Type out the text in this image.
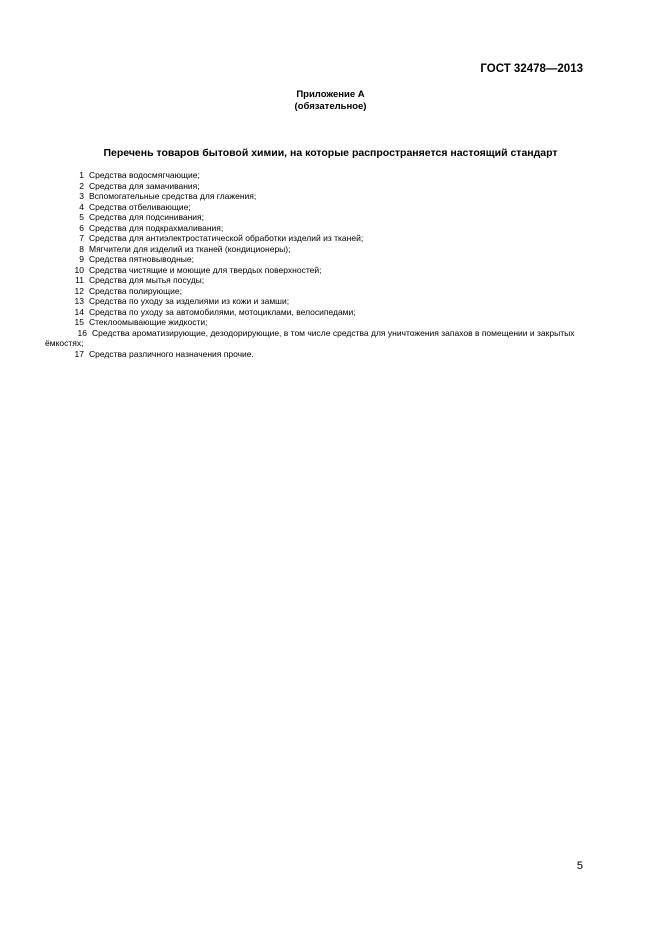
ГОСТ 32478—2013
Приложение А
(обязательное)
Перечень товаров бытовой химии, на которые распространяется настоящий стандарт
1 Средства водосмягчающие;
2 Средства для замачивания;
3 Вспомогательные средства для глажения;
4 Средства отбеливающие;
5 Средства для подсинивания;
6 Средства для подкрахмаливания;
7 Средства для антиэлектростатической обработки изделий из тканей;
8 Мягчители для изделий из тканей (кондиционеры);
9 Средства пятновыводные;
10 Средства чистящие и моющие для твердых поверхностей;
11 Средства для мытья посуды;
12 Средства полирующие;
13 Средства по уходу за изделиями из кожи и замши;
14 Средства по уходу за автомобилями, мотоциклами, велосипедами;
15 Стеклоомывающие жидкости;
16 Средства ароматизирующие, дезодорирующие, в том числе средства для уничтожения запахов в помещении и закрытых ёмкостях;
17 Средства различного назначения прочие.
5
